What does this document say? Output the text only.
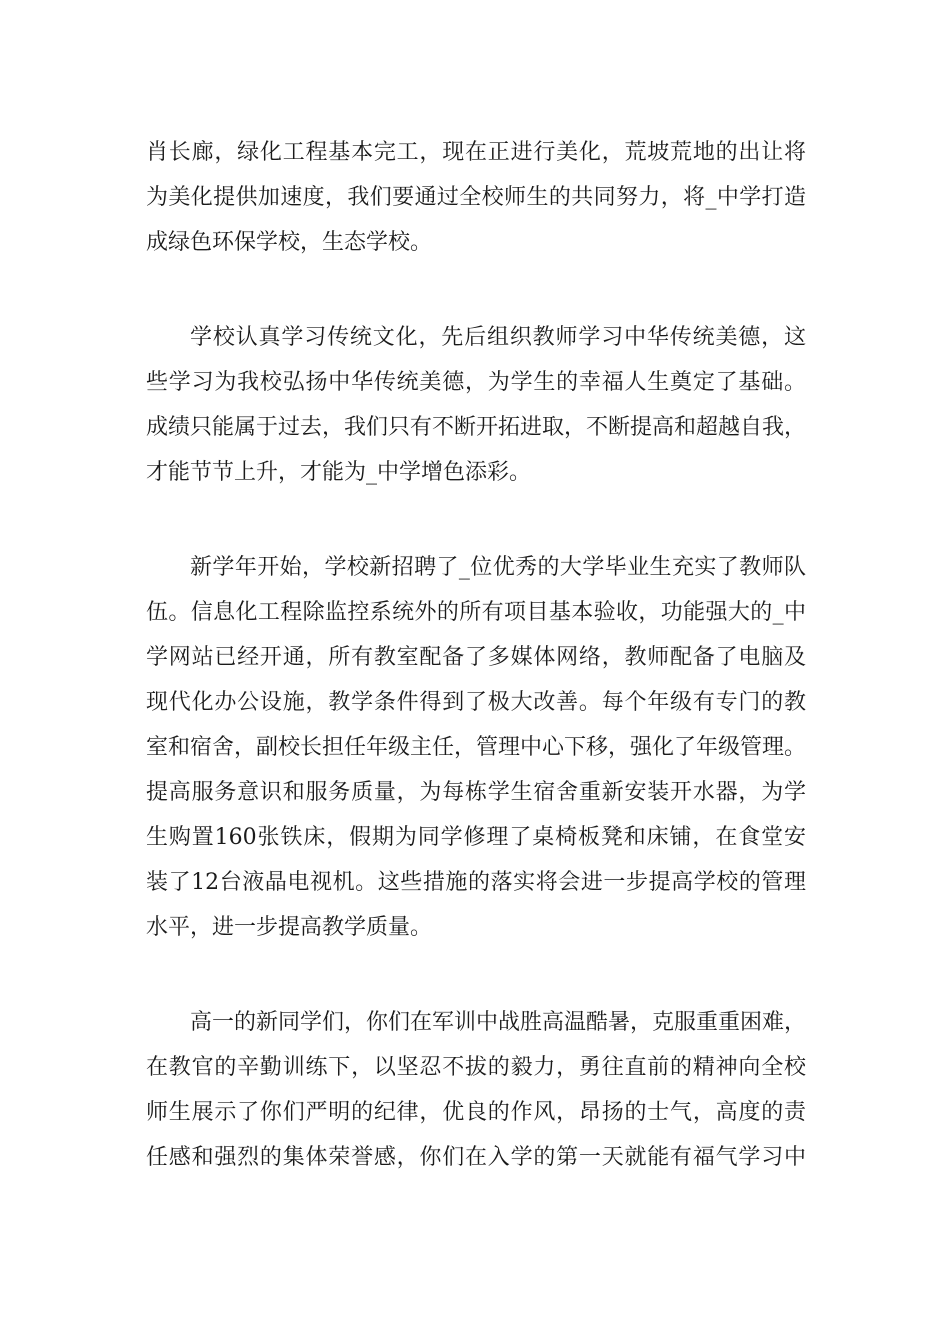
肖长廊，绿化工程基本完工，现在正进行美化，荒坡荒地的出让将
为美化提供加速度，我们要通过全校师生的共同努力，将_中学打造
成绿色环保学校，生态学校。
学校认真学习传统文化，先后组织教师学习中华传统美德，这
些学习为我校弘扬中华传统美德，为学生的幸福人生奠定了基础。
成绩只能属于过去，我们只有不断开拓进取，不断提高和超越自我，
才能节节上升，才能为_中学增色添彩。
新学年开始，学校新招聘了_位优秀的大学毕业生充实了教师队
伍。信息化工程除监控系统外的所有项目基本验收，功能强大的_中
学网站已经开通，所有教室配备了多媒体网络，教师配备了电脑及
现代化办公设施，教学条件得到了极大改善。每个年级有专门的教
室和宿舍，副校长担任年级主任，管理中心下移，强化了年级管理。
提高服务意识和服务质量，为每栋学生宿舍重新安装开水器，为学
生购置160张铁床，假期为同学修理了桌椅板凳和床铺，在食堂安
装了12台液晶电视机。这些措施的落实将会进一步提高学校的管理
水平，进一步提高教学质量。
高一的新同学们，你们在军训中战胜高温酷暑，克服重重困难，
在教官的辛勤训练下，以坚忍不拔的毅力，勇往直前的精神向全校
师生展示了你们严明的纪律，优良的作风，昂扬的士气，高度的责
任感和强烈的集体荣誉感，你们在入学的第一天就能有福气学习中
